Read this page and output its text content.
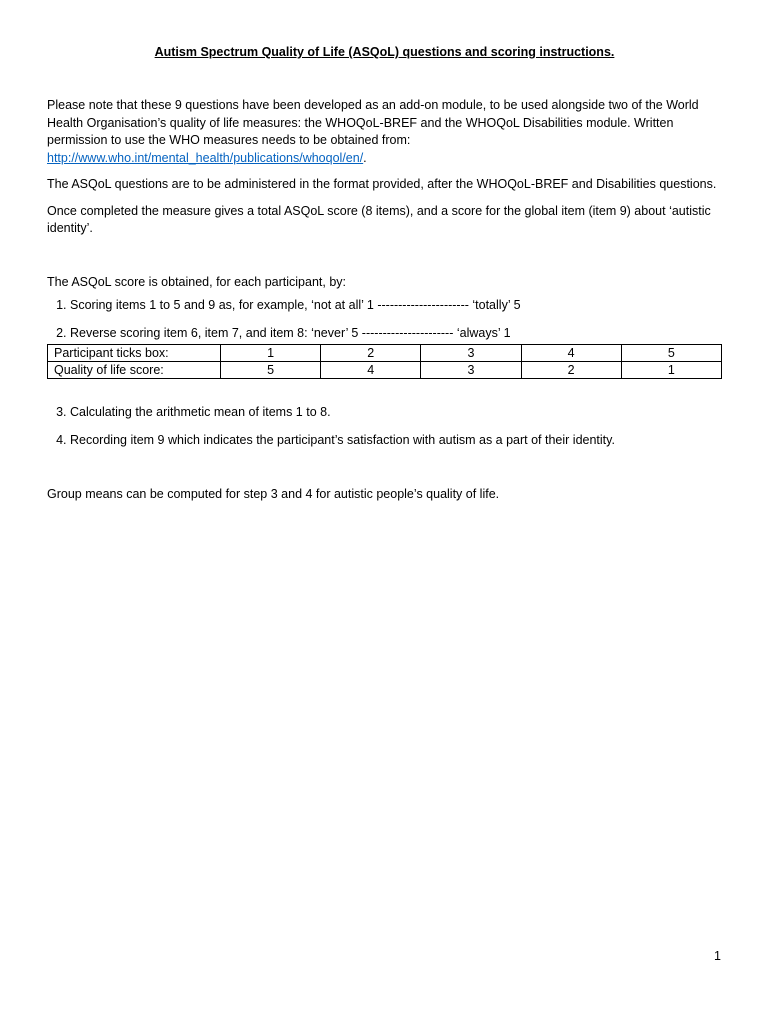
Autism Spectrum Quality of Life (ASQoL) questions and scoring instructions.

Please note that these 9 questions have been developed as an add-on module, to be used alongside two of the World Health Organisation’s quality of life measures: the WHOQoL-BREF and the WHOQoL Disabilities module. Written permission to use the WHO measures needs to be obtained from:
http://www.who.int/mental_health/publications/whoqol/en/.

The ASQoL questions are to be administered in the format provided, after the WHOQoL-BREF and Disabilities questions.

Once completed the measure gives a total ASQoL score (8 items), and a score for the global item (item 9) about ‘autistic identity’.

The ASQoL score is obtained, for each participant, by:

1. Scoring items 1 to 5 and 9 as, for example, ‘not at all’ 1 ---------------------- ‘totally’ 5
2. Reverse scoring item 6, item 7, and item 8: ‘never’ 5 ---------------------- ‘always’ 1
Participant ticks box:	1	2	3	4	5
Quality of life score:	5	4	3	2	1
3. Calculating the arithmetic mean of items 1 to 8.
4. Recording item 9 which indicates the participant’s satisfaction with autism as a part of their identity.

Group means can be computed for step 3 and 4 for autistic people’s quality of life.

1
